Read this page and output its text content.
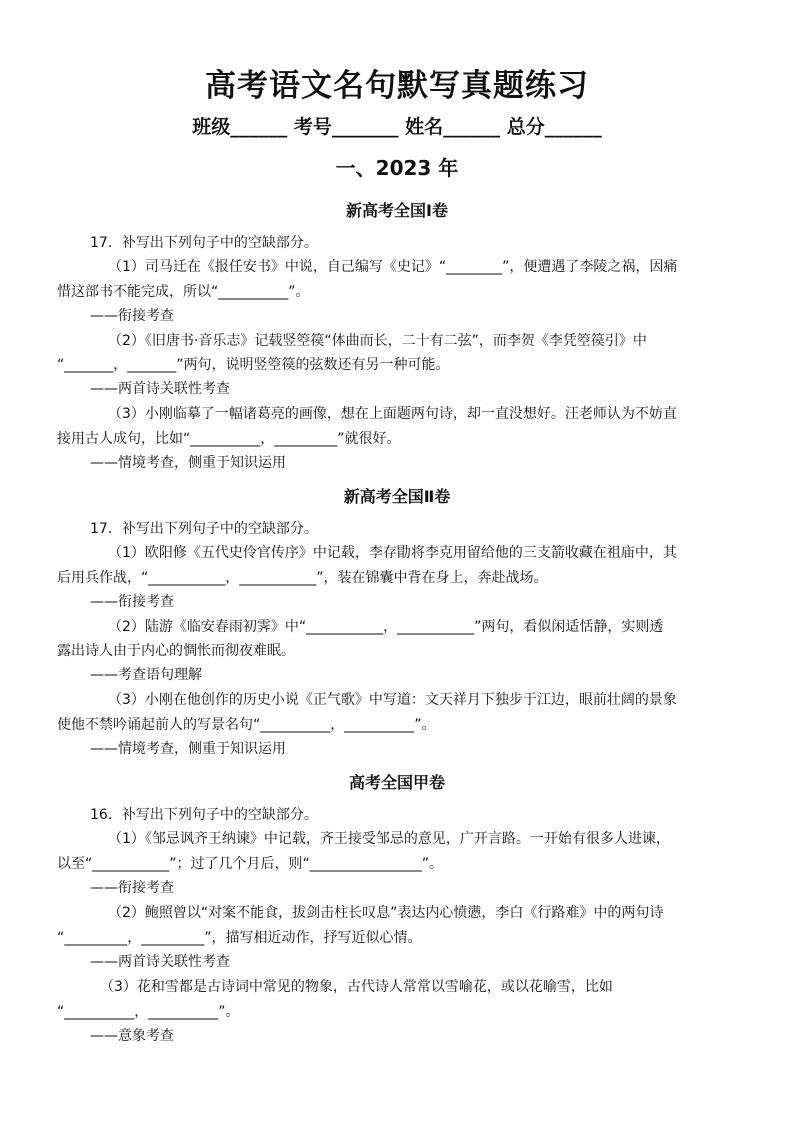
高考语文名句默写真题练习
班级______ 考号_______ 姓名______ 总分______
一、2023 年
新高考全国Ⅰ卷
17．补写出下列句子中的空缺部分。
（1）司马迁在《报任安书》中说，自己编写《史记》“________”，便遭遇了李陵之祸，因痛
惜这部书不能完成，所以“__________”。
——衔接考查
（2）《旧唐书·音乐志》记载竖箜篌“体曲而长，二十有二弦”，而李贺《李凭箜篌引》中
“_______，_______”两句，说明竖箜篌的弦数还有另一种可能。
——两首诗关联性考查
（3）小刚临摹了一幅诸葛亮的画像，想在上面题两句诗，却一直没想好。汪老师认为不妨直
接用古人成句，比如“__________，_________”就很好。
——情境考查，侧重于知识运用
新高考全国Ⅱ卷
17．补写出下列句子中的空缺部分。
（1）欧阳修《五代史伶官传序》中记载，李存勖将李克用留给他的三支箭收藏在祖庙中，其
后用兵作战，“___________，___________”，装在锦囊中背在身上，奔赴战场。
——衔接考查
（2）陆游《临安春雨初霁》中“___________，___________”两句，看似闲适恬静，实则透
露出诗人由于内心的惆怅而彻夜难眠。
——考查语句理解
（3）小刚在他创作的历史小说《正气歌》中写道：文天祥月下独步于江边，眼前壮阔的景象
使他不禁吟诵起前人的写景名句“__________，__________”。
——情境考查，侧重于知识运用
高考全国甲卷
16．补写出下列句子中的空缺部分。
（1）《邹忌讽齐王纳谏》中记载，齐王接受邹忌的意见，广开言路。一开始有很多人进谏，
以至“___________”；过了几个月后，则“________________”。
——衔接考查
（2）鲍照曾以“对案不能食，拔剑击柱长叹息”表达内心愤懑，李白《行路难》中的两句诗
“_________，_________”，描写相近动作，抒写近似心情。
——两首诗关联性考查
（3）花和雪都是古诗词中常见的物象，古代诗人常常以雪喻花，或以花喻雪，比如
“__________，__________”。
——意象考查
